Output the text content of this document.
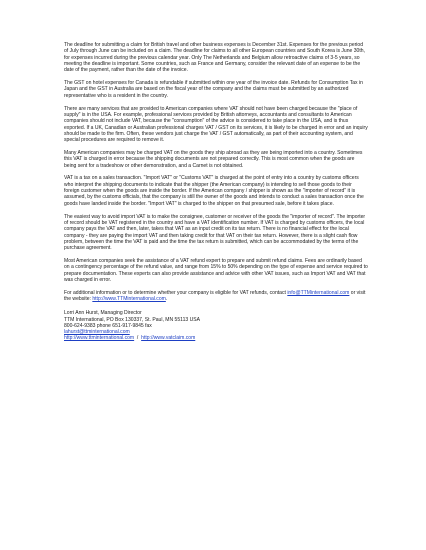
The deadline for submitting a claim for British travel and other business expenses is December 31st. Expenses for the previous period of July through June can be included on a claim. The deadline for claims to all other European countries and South Korea is June 30th, for expenses incurred during the previous calendar year. Only The Netherlands and Belgium allow retroactive claims of 3-5 years, so meeting the deadline is important. Some countries, such as France and Germany, consider the relevant date of an expense to be the date of the payment, rather than the date of the invoice.

The GST on hotel expenses for Canada is refundable if submitted within one year of the invoice date. Refunds for Consumption Tax in Japan and the GST in Australia are based on the fiscal year of the company and the claims must be submitted by an authorized representative who is a resident in the country.

There are many services that are provided to American companies where VAT should not have been charged because the "place of supply" is in the USA. For example, professional services provided by British attorneys, accountants and consultants to American companies should not include VAT, because the "consumption" of the advice is considered to take place in the USA, and is thus exported. If a UK, Canadian or Australian professional charges VAT / GST on its services, it is likely to be charged in error and an inquiry should be made to the firm. Often, these vendors just charge the VAT / GST automatically, as part of their accounting system, and special procedures are required to remove it.

Many American companies may be charged VAT on the goods they ship abroad as they are being imported into a country. Sometimes this VAT is charged in error because the shipping documents are not prepared correctly. This is most common when the goods are being sent for a tradeshow or other demonstration, and a Carnet is not obtained.

VAT is a tax on a sales transaction. "Import VAT" or "Customs VAT" is charged at the point of entry into a country by customs officers who interpret the shipping documents to indicate that the shipper (the American company) is intending to sell those goods to their foreign customer when the goods are inside the border. If the American company / shipper is shown as the "importer of record" it is assumed, by the customs officials, that the company is still the owner of the goods and intends to conduct a sales transaction once the goods have landed inside the border. "Import VAT" is charged to the shipper on that presumed sale, before it takes place.

The easiest way to avoid import VAT is to make the consignee, customer or receiver of the goods the "importer of record". The importer of record should be VAT registered in the country and have a VAT identification number. If VAT is charged by customs officers, the local company pays the VAT and then, later, takes that VAT as an input credit on its tax return. There is no financial effect for the local company - they are paying the import VAT and then taking credit for that VAT on their tax return. However, there is a slight cash flow problem, between the time the VAT is paid and the time the tax return is submitted, which can be accommodated by the terms of the purchase agreement.

Most American companies seek the assistance of a VAT refund expert to prepare and submit refund claims. Fees are ordinarily based on a contingency percentage of the refund value, and range from 15% to 50% depending on the type of expense and service required to prepare documentation. These experts can also provide assistance and advice with other VAT issues, such as Import VAT and VAT that was charged in error.

For additional information or to determine whether your company is eligible for VAT refunds, contact info@TTMinternational.com or visit the website: http://www.TTMinternational.com.

Lorri Ann Hurst, Managing Director
TTM International, PO Box 130337, St. Paul, MN 55113 USA
800-624-9383 phone 651-917-9845 fax
lahurst@ttminternational.com
http://www.ttminternational.com  /  http://www.vatclaim.com
